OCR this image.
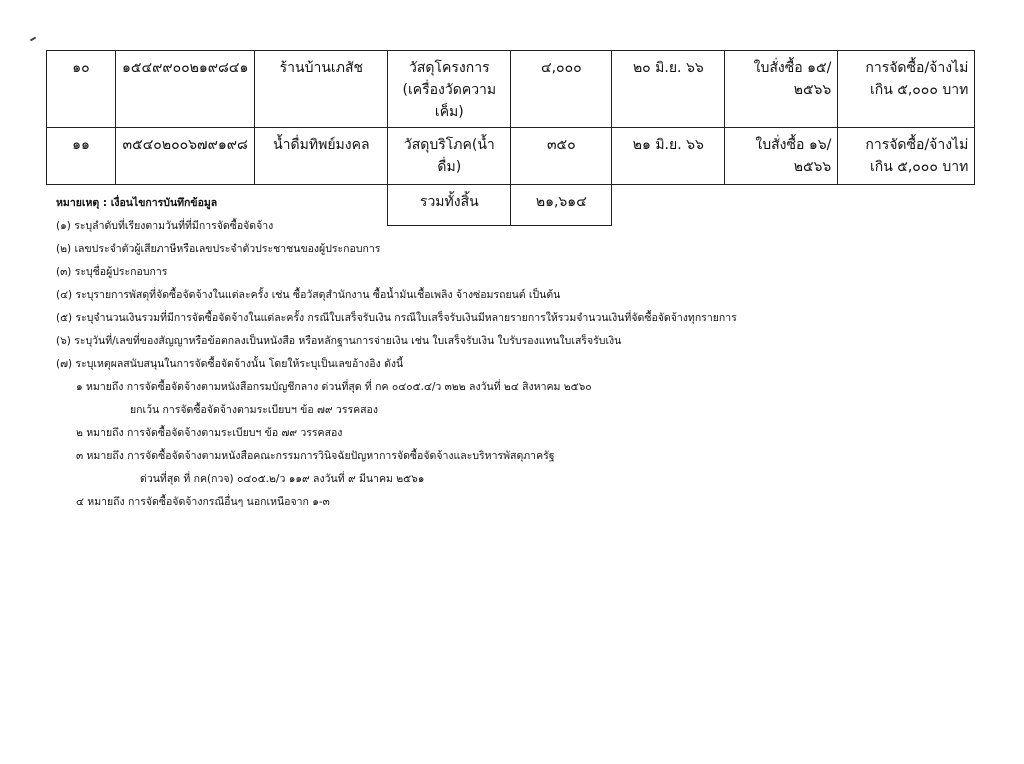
๑๐	๑๕๔๙๙๐๐๒๑๙๘๔๑	ร้านบ้านเภสัช	วัสดุโครงการ (เครื่องวัดความเค็ม)	๔,๐๐๐	๒๐ มิ.ย. ๖๖	ใบสั่งซื้อ ๑๕/ ๒๕๖๖	การจัดซื้อ/จ้างไม่เกิน ๕,๐๐๐ บาท
๑๑	๓๕๔๐๒๐๐๖๗๙๑๙๘	น้ำดื่มทิพย์มงคล	วัสดุบริโภค(น้ำดื่ม)	๓๕๐	๒๑ มิ.ย. ๖๖	ใบสั่งซื้อ ๑๖/ ๒๕๖๖	การจัดซื้อ/จ้างไม่เกิน ๕,๐๐๐ บาท
			รวมทั้งสิ้น	๒๑,๖๑๔			
หมายเหตุ : เงื่อนไขการบันทึกข้อมูล
(๑) ระบุลำดับที่เรียงตามวันที่ที่มีการจัดซื้อจัดจ้าง
(๒) เลขประจำตัวผู้เสียภาษีหรือเลขประจำตัวประชาชนของผู้ประกอบการ
(๓) ระบุชื่อผู้ประกอบการ
(๔) ระบุรายการพัสดุที่จัดซื้อจัดจ้างในแต่ละครั้ง เช่น ซื้อวัสดุสำนักงาน ซื้อน้ำมันเชื้อเพลิง จ้างซ่อมรถยนต์ เป็นต้น
(๕) ระบุจำนวนเงินรวมที่มีการจัดซื้อจัดจ้างในแต่ละครั้ง กรณีใบเสร็จรับเงิน กรณีใบเสร็จรับเงินมีหลายรายการให้รวมจำนวนเงินที่จัดซื้อจัดจ้างทุกรายการ
(๖) ระบุวันที่/เลขที่ของสัญญาหรือข้อตกลงเป็นหนังสือ หรือหลักฐานการจ่ายเงิน เช่น ใบเสร็จรับเงิน ใบรับรองแทนใบเสร็จรับเงิน
(๗) ระบุเหตุผลสนับสนุนในการจัดซื้อจัดจ้างนั้น โดยให้ระบุเป็นเลขอ้างอิง ดังนี้
๑ หมายถึง การจัดซื้อจัดจ้างตามหนังสือกรมบัญชีกลาง ด่วนที่สุด ที่ กค ๐๔๐๕.๔/ว ๓๒๒ ลงวันที่ ๒๔ สิงหาคม ๒๕๖๐
ยกเว้น การจัดซื้อจัดจ้างตามระเบียบฯ ข้อ ๗๙ วรรคสอง
๒ หมายถึง การจัดซื้อจัดจ้างตามระเบียบฯ ข้อ ๗๙ วรรคสอง
๓ หมายถึง การจัดซื้อจัดจ้างตามหนังสือคณะกรรมการวินิจฉัยปัญหาการจัดซื้อจัดจ้างและบริหารพัสดุภาครัฐ
ด่วนที่สุด ที่ กค(กวจ) ๐๔๐๕.๒/ว ๑๑๙ ลงวันที่ ๙ มีนาคม ๒๕๖๑
๔ หมายถึง การจัดซื้อจัดจ้างกรณีอื่นๆ นอกเหนือจาก ๑-๓
